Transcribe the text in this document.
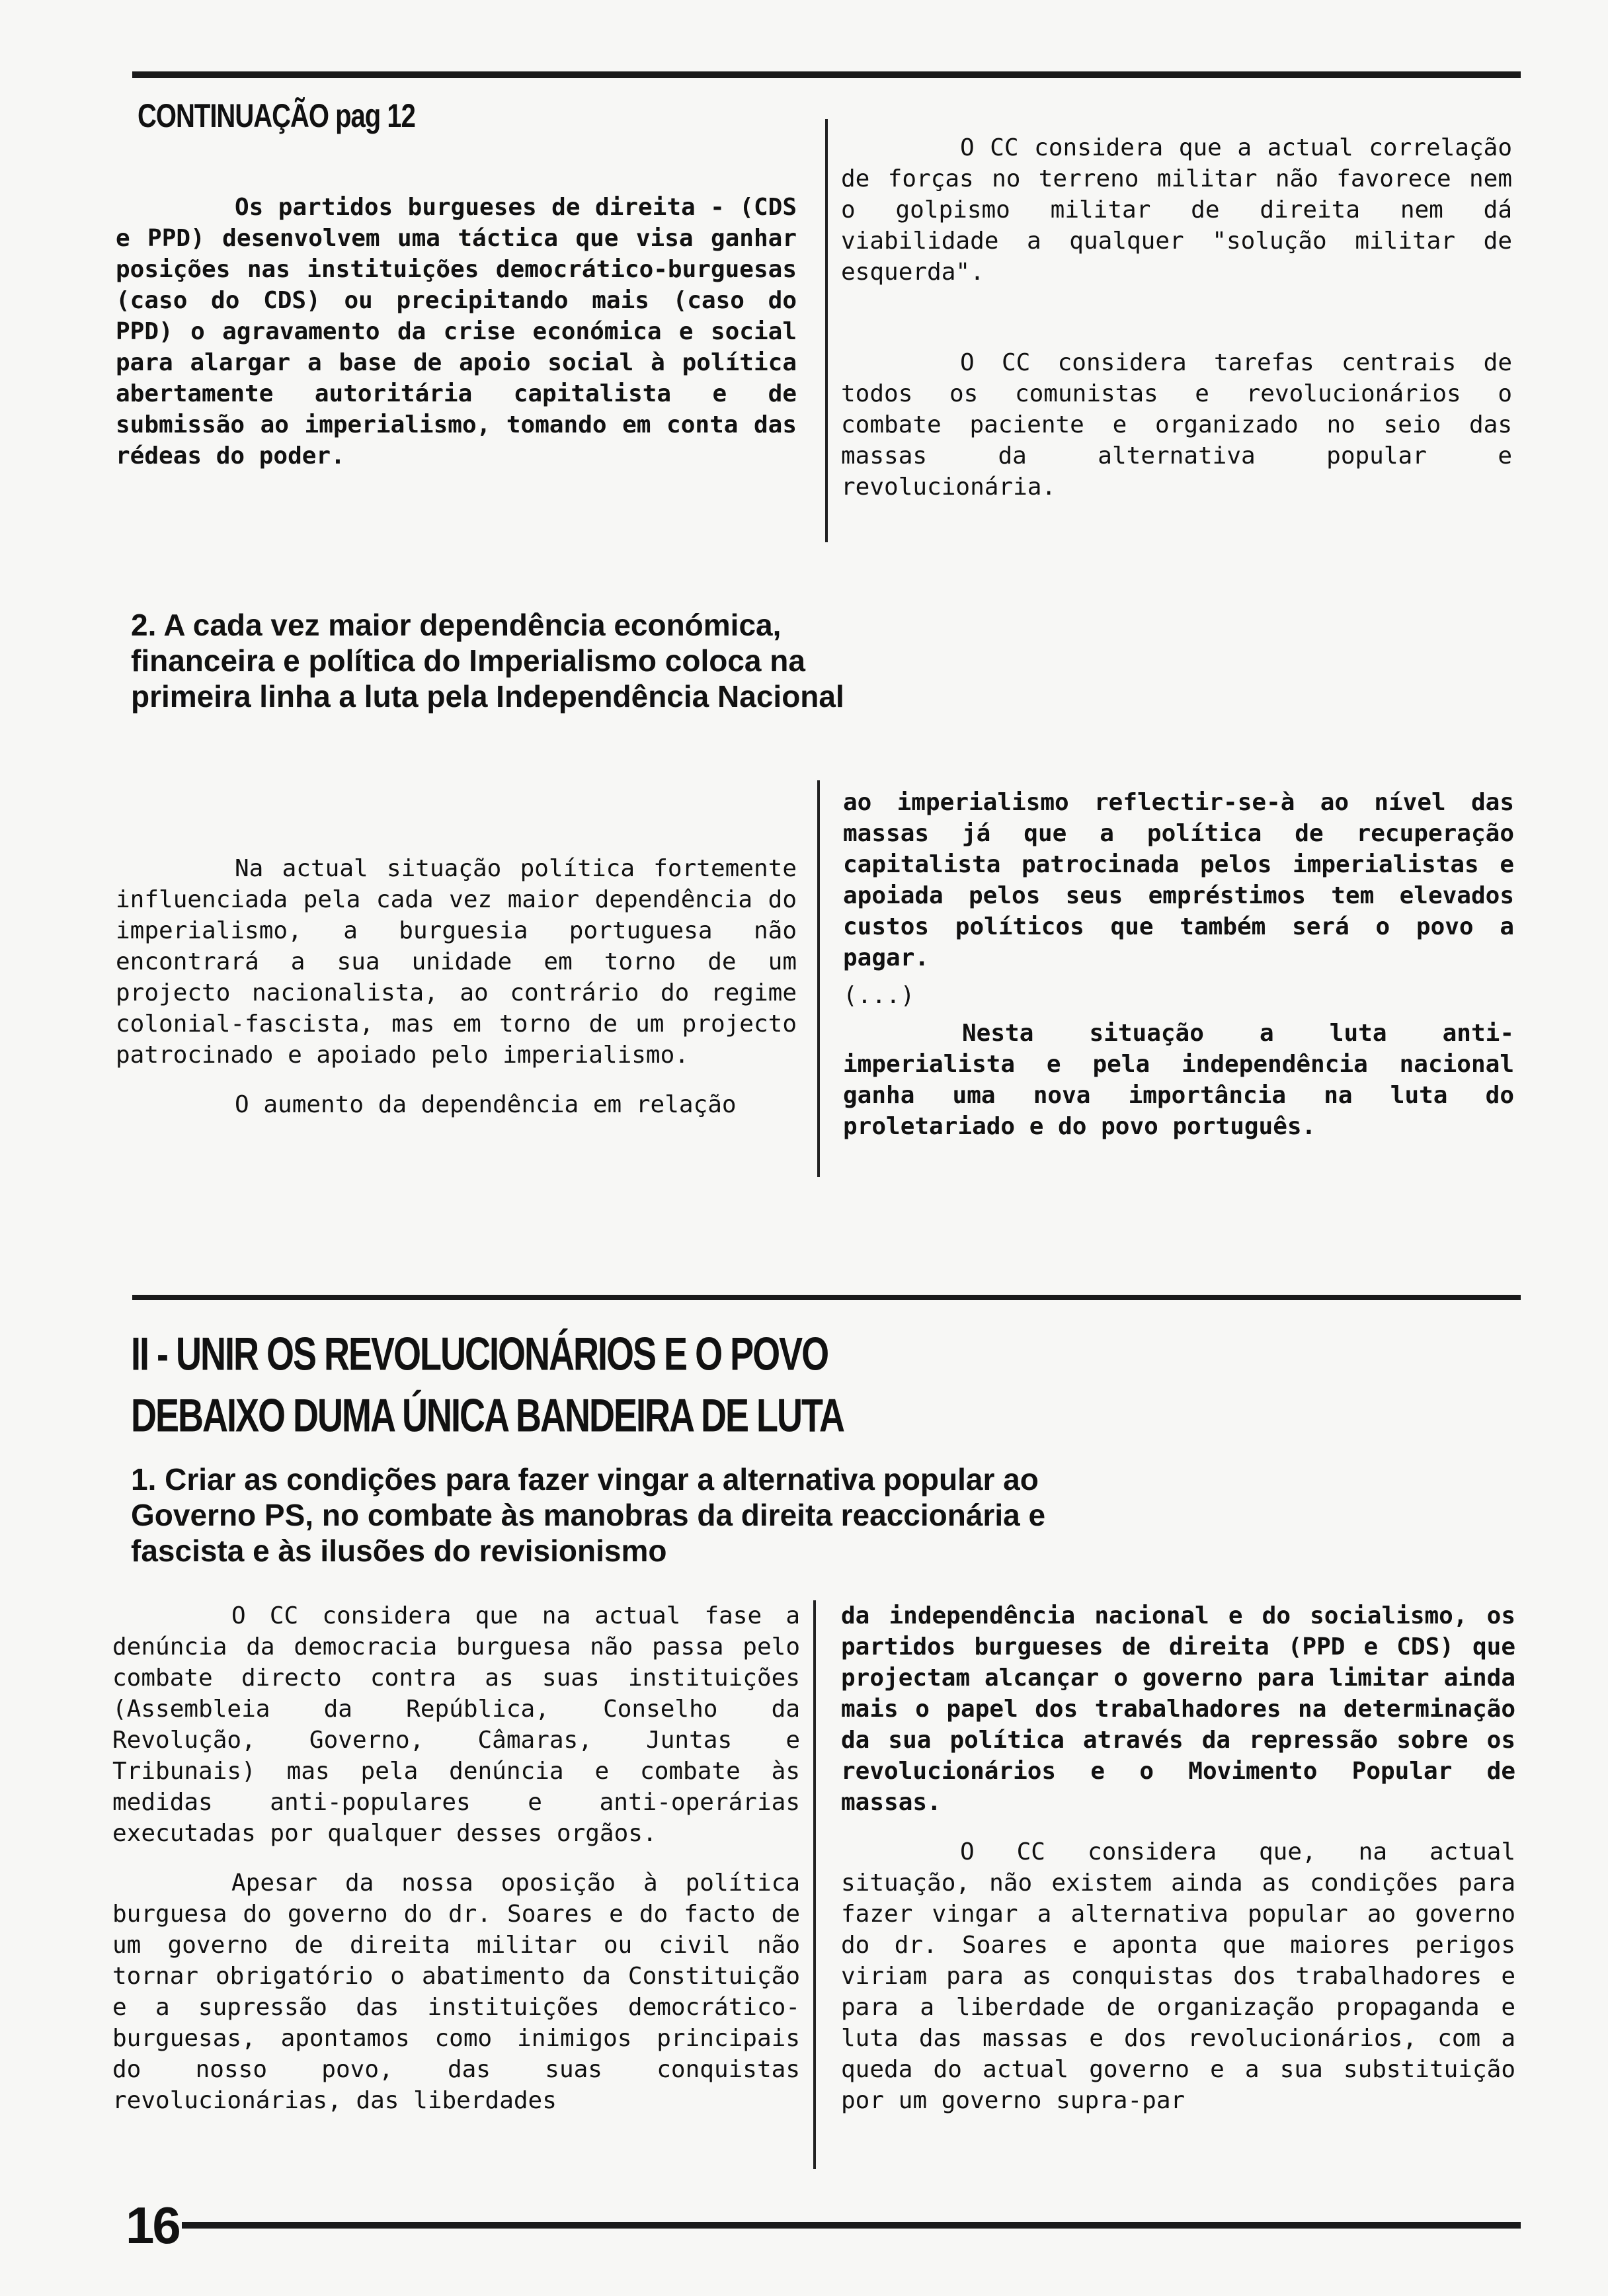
CONTINUAÇÃO pag 12

Os partidos burgueses de direita - (CDS e PPD) desenvolvem uma táctica que visa ganhar posições nas instituições democrático-burguesas (caso do CDS) ou precipitando mais (caso do PPD) o agravamento da crise económica e social para alargar a base de apoio social à política abertamente autoritária capitalista e de submissão ao imperialismo, tomando em conta das rédeas do poder.

O CC considera que a actual correlação de forças no terreno militar não favorece nem o golpismo militar de direita nem dá viabilidade a qualquer "solução militar de esquerda".

O CC considera tarefas centrais de todos os comunistas e revolucionários o combate paciente e organizado no seio das massas da alternativa popular e revolucionária.

2. A cada vez maior dependência económica, financeira e política do Imperialismo coloca na primeira linha a luta pela Independência Nacional

Na actual situação política fortemente influenciada pela cada vez maior dependência do imperialismo, a burguesia portuguesa não encontrará a sua unidade em torno de um projecto nacionalista, ao contrário do regime colonial-fascista, mas em torno de um projecto patrocinado e apoiado pelo imperialismo.

O aumento da dependência em relação

ao imperialismo reflectir-se-à ao nível das massas já que a política de recuperação capitalista patrocinada pelos imperialistas e apoiada pelos seus empréstimos tem elevados custos políticos que também será o povo a pagar.

(...)

Nesta situação a luta anti-imperialista e pela independência nacional ganha uma nova importância na luta do proletariado e do povo português.

II - UNIR OS REVOLUCIONÁRIOS E O POVO
DEBAIXO DUMA ÚNICA BANDEIRA DE LUTA
1. Criar as condições para fazer vingar a alternativa popular ao Governo PS, no combate às manobras da direita reaccionária e fascista e às ilusões do revisionismo

O CC considera que na actual fase a denúncia da democracia burguesa não passa pelo combate directo contra as suas instituições (Assembleia da República, Conselho da Revolução, Governo, Câmaras, Juntas e Tribunais) mas pela denúncia e combate às medidas anti-populares e anti-operárias executadas por qualquer desses orgãos.

Apesar da nossa oposição à política burguesa do governo do dr. Soares e do facto de um governo de direita militar ou civil não tornar obrigatório o abatimento da Constituição e a supressão das instituições democrático-burguesas, apontamos como inimigos principais do nosso povo, das suas conquistas revolucionárias, das liberdades

da independência nacional e do socialismo, os partidos burgueses de direita (PPD e CDS) que projectam alcançar o governo para limitar ainda mais o papel dos trabalhadores na determinação da sua política através da repressão sobre os revolucionários e o Movimento Popular de massas.

O CC considera que, na actual situação, não existem ainda as condições para fazer vingar a alternativa popular ao governo do dr. Soares e aponta que maiores perigos viriam para as conquistas dos trabalhadores e para a liberdade de organização propaganda e luta das massas e dos revolucionários, com a queda do actual governo e a sua substituição por um governo supra-par

16
